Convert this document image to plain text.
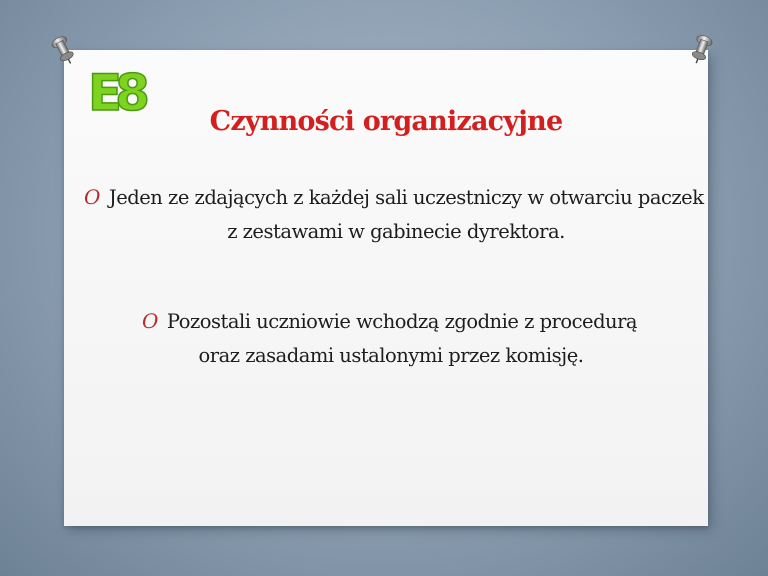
E8	Czynności organizacyjne
O Jeden ze zdających z każdej sali uczestniczy w otwarciu paczek
z zestawami w gabinecie dyrektora.
O Pozostali uczniowie wchodzą zgodnie z procedurą
oraz zasadami ustalonymi przez komisję.
